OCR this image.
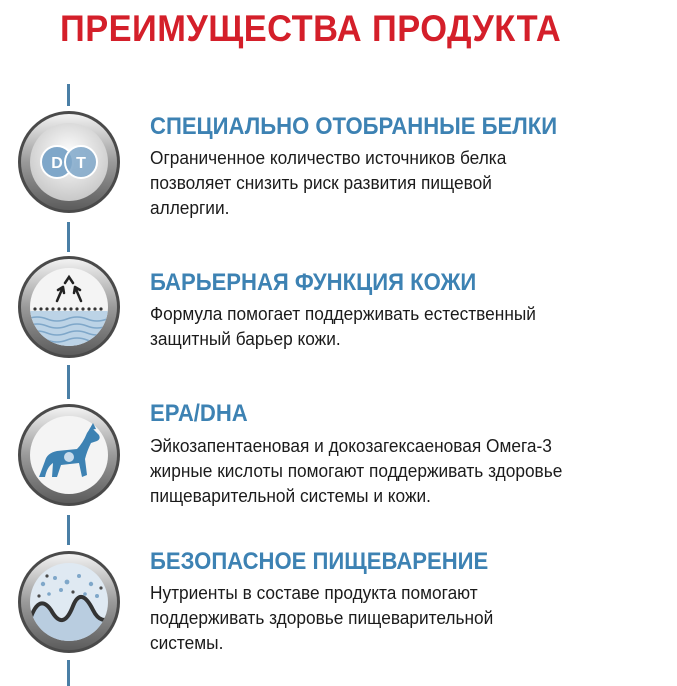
ПРЕИМУЩЕСТВА ПРОДУКТА
D T
СПЕЦИАЛЬНО ОТОБРАННЫЕ БЕЛКИ
Ограниченное количество источников белка
позволяет снизить риск развития пищевой
аллергии.
БАРЬЕРНАЯ ФУНКЦИЯ КОЖИ
Формула помогает поддерживать естественный
защитный барьер кожи.
EPA/DHA
Эйкозапентаеновая и докозагексаеновая Омега-3
жирные кислоты помогают поддерживать здоровье
пищеварительной системы и кожи.
БЕЗОПАСНОЕ ПИЩЕВАРЕНИЕ
Нутриенты в составе продукта помогают
поддерживать здоровье пищеварительной
системы.
